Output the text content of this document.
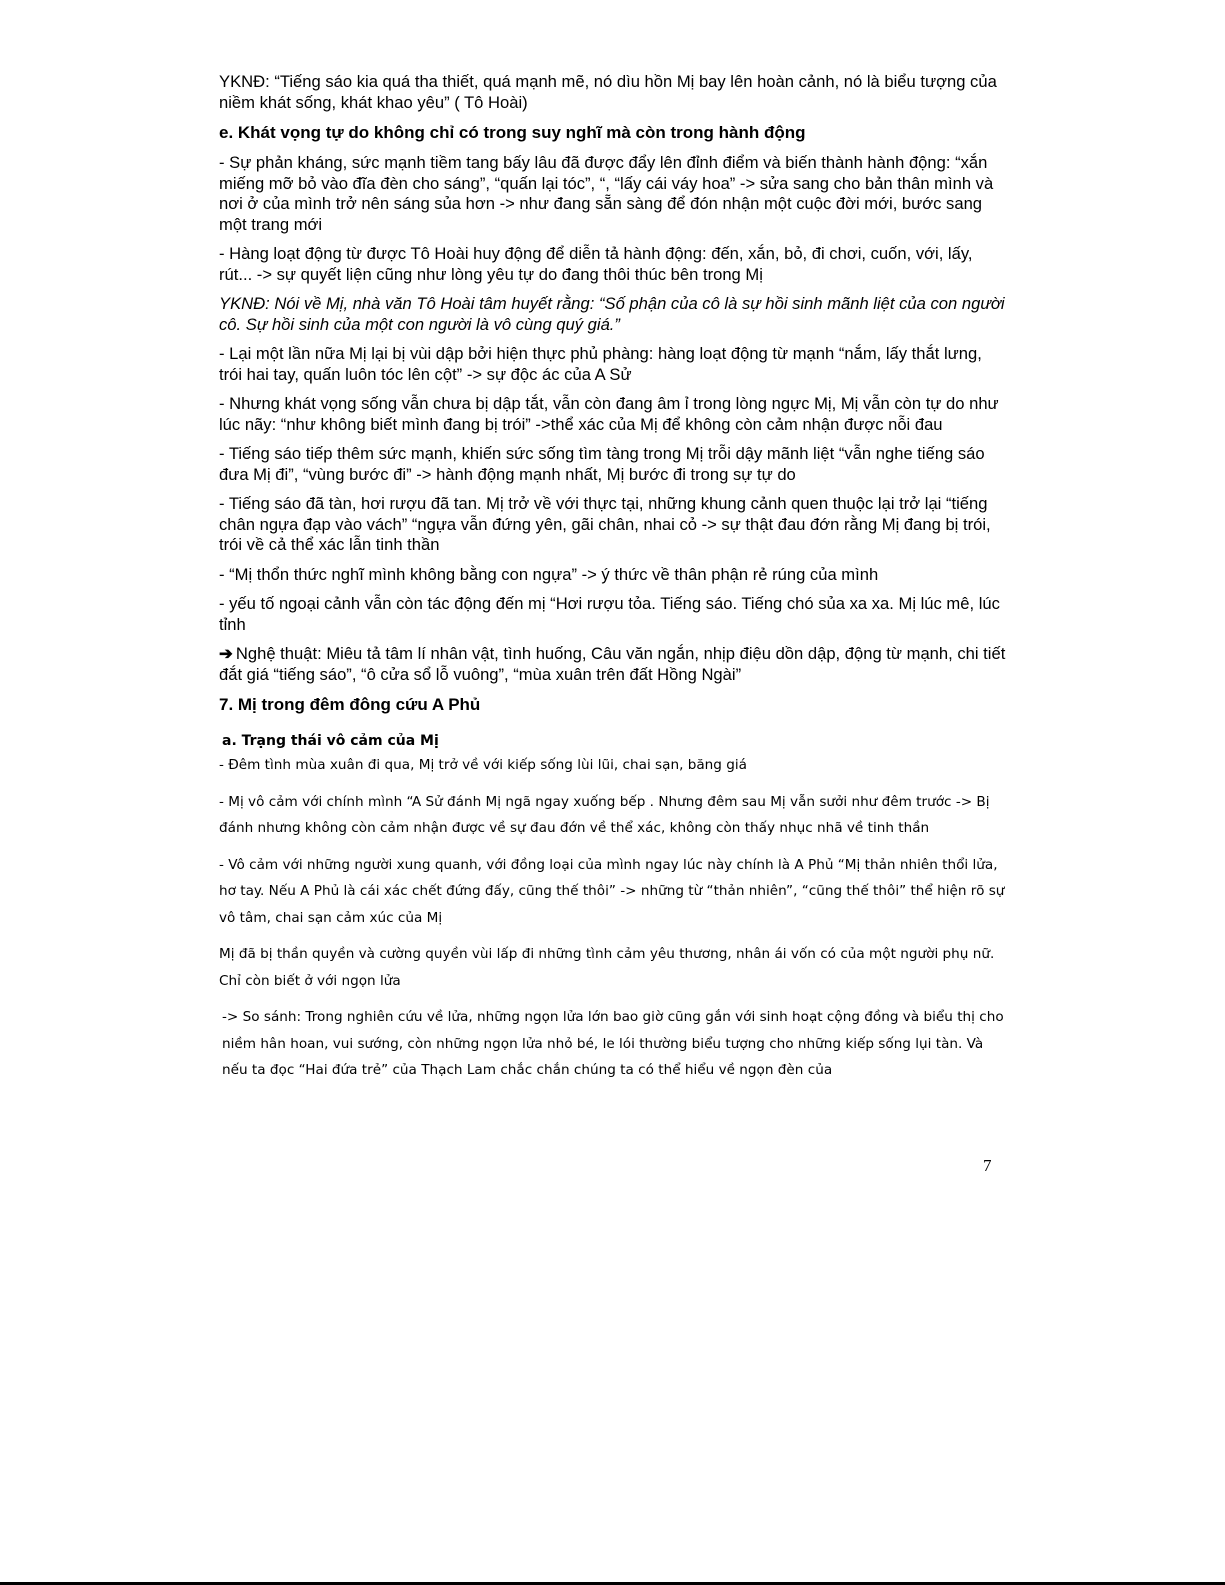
YKNĐ: “Tiếng sáo kia quá tha thiết, quá mạnh mẽ, nó dìu hồn Mị bay lên hoàn cảnh, nó là biểu tượng của niềm khát sống, khát khao yêu” ( Tô Hoài)

e. Khát vọng tự do không chỉ có trong suy nghĩ mà còn trong hành động

- Sự phản kháng, sức mạnh tiềm tang bấy lâu đã được đẩy lên đỉnh điểm và biến thành hành động: “xắn miếng mỡ bỏ vào đĩa đèn cho sáng”, “quấn lại tóc”, “, “lấy cái váy hoa” -> sửa sang cho bản thân mình và nơi ở của mình trở nên sáng sủa hơn -> như đang sẵn sàng để đón nhận một cuộc đời mới, bước sang một trang mới

- Hàng loạt động từ được Tô Hoài huy động để diễn tả hành động: đến, xắn, bỏ, đi chơi, cuốn, với, lấy, rút... -> sự quyết liện cũng như lòng yêu tự do đang thôi thúc bên trong Mị

YKNĐ: Nói về Mị, nhà văn Tô Hoài tâm huyết rằng: “Số phận của cô là sự hồi sinh mãnh liệt của con người cô. Sự hồi sinh của một con người là vô cùng quý giá.”

- Lại một lần nữa Mị lại bị vùi dập bởi hiện thực phủ phàng: hàng loạt động từ mạnh “nắm, lấy thắt lưng, trói hai tay, quấn luôn tóc lên cột” -> sự độc ác của A Sử

- Nhưng khát vọng sống vẫn chưa bị dập tắt, vẫn còn đang âm ỉ trong lòng ngực Mị, Mị vẫn còn tự do như lúc nãy: “như không biết mình đang bị trói” ->thể xác của Mị để không còn cảm nhận được nỗi đau

- Tiếng sáo tiếp thêm sức mạnh, khiến sức sống tìm tàng trong Mị trỗi dậy mãnh liệt “vẫn nghe tiếng sáo đưa Mị đi”, “vùng bước đi” -> hành động mạnh nhất, Mị bước đi trong sự tự do

- Tiếng sáo đã tàn, hơi rượu đã tan. Mị trở về với thực tại, những khung cảnh quen thuộc lại trở lại “tiếng chân ngựa đạp vào vách” “ngựa vẫn đứng yên, gãi chân, nhai cỏ -> sự thật đau đớn rằng Mị đang bị trói, trói về cả thể xác lẫn tinh thần

- “Mị thổn thức nghĩ mình không bằng con ngựa” -> ý thức về thân phận rẻ rúng của mình

- yếu tố ngoại cảnh vẫn còn tác động đến mị “Hơi rượu tỏa. Tiếng sáo. Tiếng chó sủa xa xa. Mị lúc mê, lúc tỉnh

➔ Nghệ thuật: Miêu tả tâm lí nhân vật, tình huống, Câu văn ngắn, nhịp điệu dồn dập, động từ mạnh, chi tiết đắt giá “tiếng sáo”, “ô cửa sổ lỗ vuông”, “mùa xuân trên đất Hồng Ngài”

7. Mị trong đêm đông cứu A Phủ

a. Trạng thái vô cảm của Mị

- Đêm tình mùa xuân đi qua, Mị trở về với kiếp sống lùi lũi, chai sạn, băng giá

- Mị vô cảm với chính mình “A Sử đánh Mị ngã ngay xuống bếp . Nhưng đêm sau Mị vẫn sưởi như đêm trước -> Bị đánh nhưng không còn cảm nhận được về sự đau đớn về thể xác, không còn thấy nhục nhã về tinh thần

- Vô cảm với những người xung quanh, với đồng loại của mình ngay lúc này chính là A Phủ “Mị thản nhiên thổi lửa, hơ tay. Nếu A Phủ là cái xác chết đứng đấy, cũng thế thôi” -> những từ “thản nhiên”, “cũng thế thôi” thể hiện rõ sự vô tâm, chai sạn cảm xúc của Mị

Mị đã bị thần quyền và cường quyền vùi lấp đi những tình cảm yêu thương, nhân ái vốn có của một người phụ nữ. Chỉ còn biết ở với ngọn lửa

-> So sánh: Trong nghiên cứu về lửa, những ngọn lửa lớn bao giờ cũng gắn với sinh hoạt cộng đồng và biểu thị cho niềm hân hoan, vui sướng, còn những ngọn lửa nhỏ bé, le lói thường biểu tượng cho những kiếp sống lụi tàn. Và nếu ta đọc “Hai đứa trẻ” của Thạch Lam chắc chắn chúng ta có thể hiểu về ngọn đèn của

7
